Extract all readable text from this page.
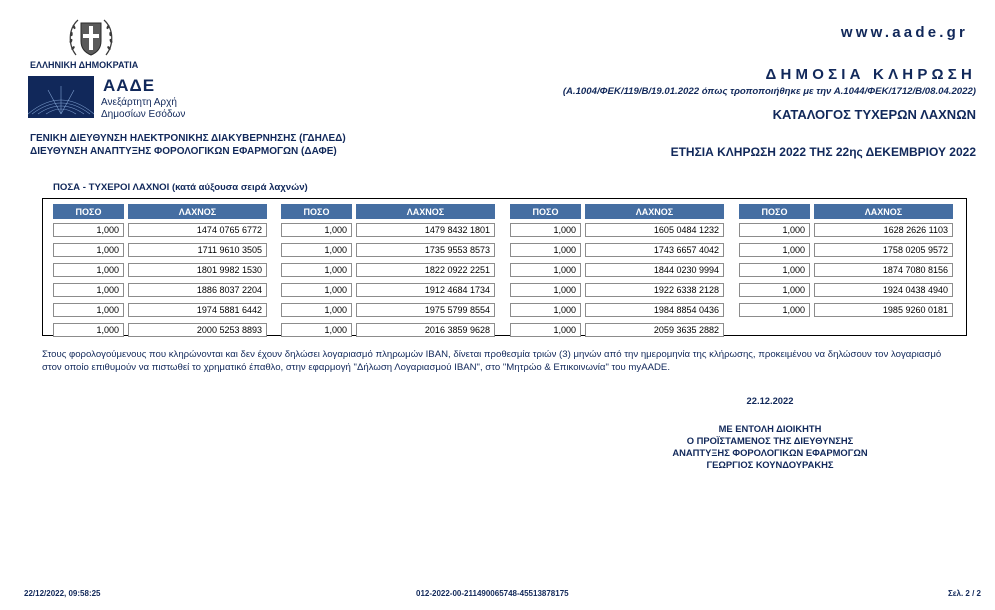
ΕΛΛΗΝΙΚΗ ΔΗΜΟΚΡΑΤΙΑ
ΑΑΔΕ
Ανεξάρτητη Αρχή
Δημοσίων Εσόδων
ΓΕΝΙΚΗ ΔΙΕΥΘΥΝΣΗ ΗΛΕΚΤΡΟΝΙΚΗΣ ΔΙΑΚΥΒΕΡΝΗΣΗΣ (ΓΔΗΛΕΔ)
ΔΙΕΥΘΥΝΣΗ ΑΝΑΠΤΥΞΗΣ ΦΟΡΟΛΟΓΙΚΩΝ ΕΦΑΡΜΟΓΩΝ (ΔΑΦΕ)
www.aade.gr
ΔΗΜΟΣΙΑ ΚΛΗΡΩΣΗ
(Α.1004/ΦΕΚ/119/Β/19.01.2022 όπως τροποποιήθηκε με την Α.1044/ΦΕΚ/1712/Β/08.04.2022)
ΚΑΤΑΛΟΓΟΣ ΤΥΧΕΡΩΝ ΛΑΧΝΩΝ
ΕΤΗΣΙΑ ΚΛΗΡΩΣΗ 2022 ΤΗΣ 22ης ΔΕΚΕΜΒΡΙΟΥ 2022
ΠΟΣΑ - ΤΥΧΕΡΟΙ ΛΑΧΝΟΙ (κατά αύξουσα σειρά λαχνών)
ΠΟΣΟ	ΛΑΧΝΟΣ
1,000	1474 0765 6772
1,000	1711 9610 3505
1,000	1801 9982 1530
1,000	1886 8037 2204
1,000	1974 5881 6442
1,000	2000 5253 8893
ΠΟΣΟ	ΛΑΧΝΟΣ
1,000	1479 8432 1801
1,000	1735 9553 8573
1,000	1822 0922 2251
1,000	1912 4684 1734
1,000	1975 5799 8554
1,000	2016 3859 9628
ΠΟΣΟ	ΛΑΧΝΟΣ
1,000	1605 0484 1232
1,000	1743 6657 4042
1,000	1844 0230 9994
1,000	1922 6338 2128
1,000	1984 8854 0436
1,000	2059 3635 2882
ΠΟΣΟ	ΛΑΧΝΟΣ
1,000	1628 2626 1103
1,000	1758 0205 9572
1,000	1874 7080 8156
1,000	1924 0438 4940
1,000	1985 9260 0181
Στους φορολογούμενους που κληρώνονται και δεν έχουν δηλώσει λογαριασμό πληρωμών IBAN, δίνεται προθεσμία τριών (3) μηνών από την ημερομηνία της κλήρωσης, προκειμένου να δηλώσουν τον λογαριασμό στον οποίο επιθυμούν να πιστωθεί το χρηματικό έπαθλο, στην εφαρμογή "Δήλωση Λογαριασμού IBAN", στο "Μητρώο & Επικοινωνία" του myAADE.
22.12.2022
ΜΕ ΕΝΤΟΛΗ ΔΙΟΙΚΗΤΗ
Ο ΠΡΟΪΣΤΑΜΕΝΟΣ ΤΗΣ ΔΙΕΥΘΥΝΣΗΣ
ΑΝΑΠΤΥΞΗΣ ΦΟΡΟΛΟΓΙΚΩΝ ΕΦΑΡΜΟΓΩΝ
ΓΕΩΡΓΙΟΣ ΚΟΥΝΔΟΥΡΑΚΗΣ
22/12/2022, 09:58:25	012-2022-00-211490065748-45513878175	Σελ. 2 / 2
